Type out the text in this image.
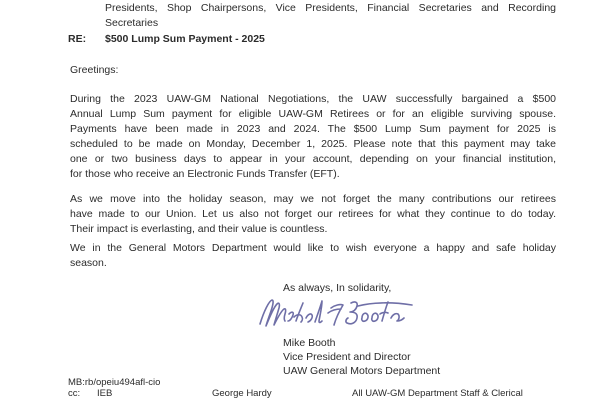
Presidents, Shop Chairpersons, Vice Presidents, Financial Secretaries and Recording
Secretaries
RE: $500 Lump Sum Payment - 2025
Greetings:
During the 2023 UAW-GM National Negotiations, the UAW successfully bargained a $500
Annual Lump Sum payment for eligible UAW-GM Retirees or for an eligible surviving spouse.
Payments have been made in 2023 and 2024. The $500 Lump Sum payment for 2025 is
scheduled to be made on Monday, December 1, 2025. Please note that this payment may take
one or two business days to appear in your account, depending on your financial institution,
for those who receive an Electronic Funds Transfer (EFT).
As we move into the holiday season, may we not forget the many contributions our retirees
have made to our Union. Let us also not forget our retirees for what they continue to do today.
Their impact is everlasting, and their value is countless.
We in the General Motors Department would like to wish everyone a happy and safe holiday
season.
As always, In solidarity,
Mike Booth
Vice President and Director
UAW General Motors Department
MB:rb/opeiu494afl-cio
cc: IEB	George Hardy	All UAW-GM Department Staff & Clerical
